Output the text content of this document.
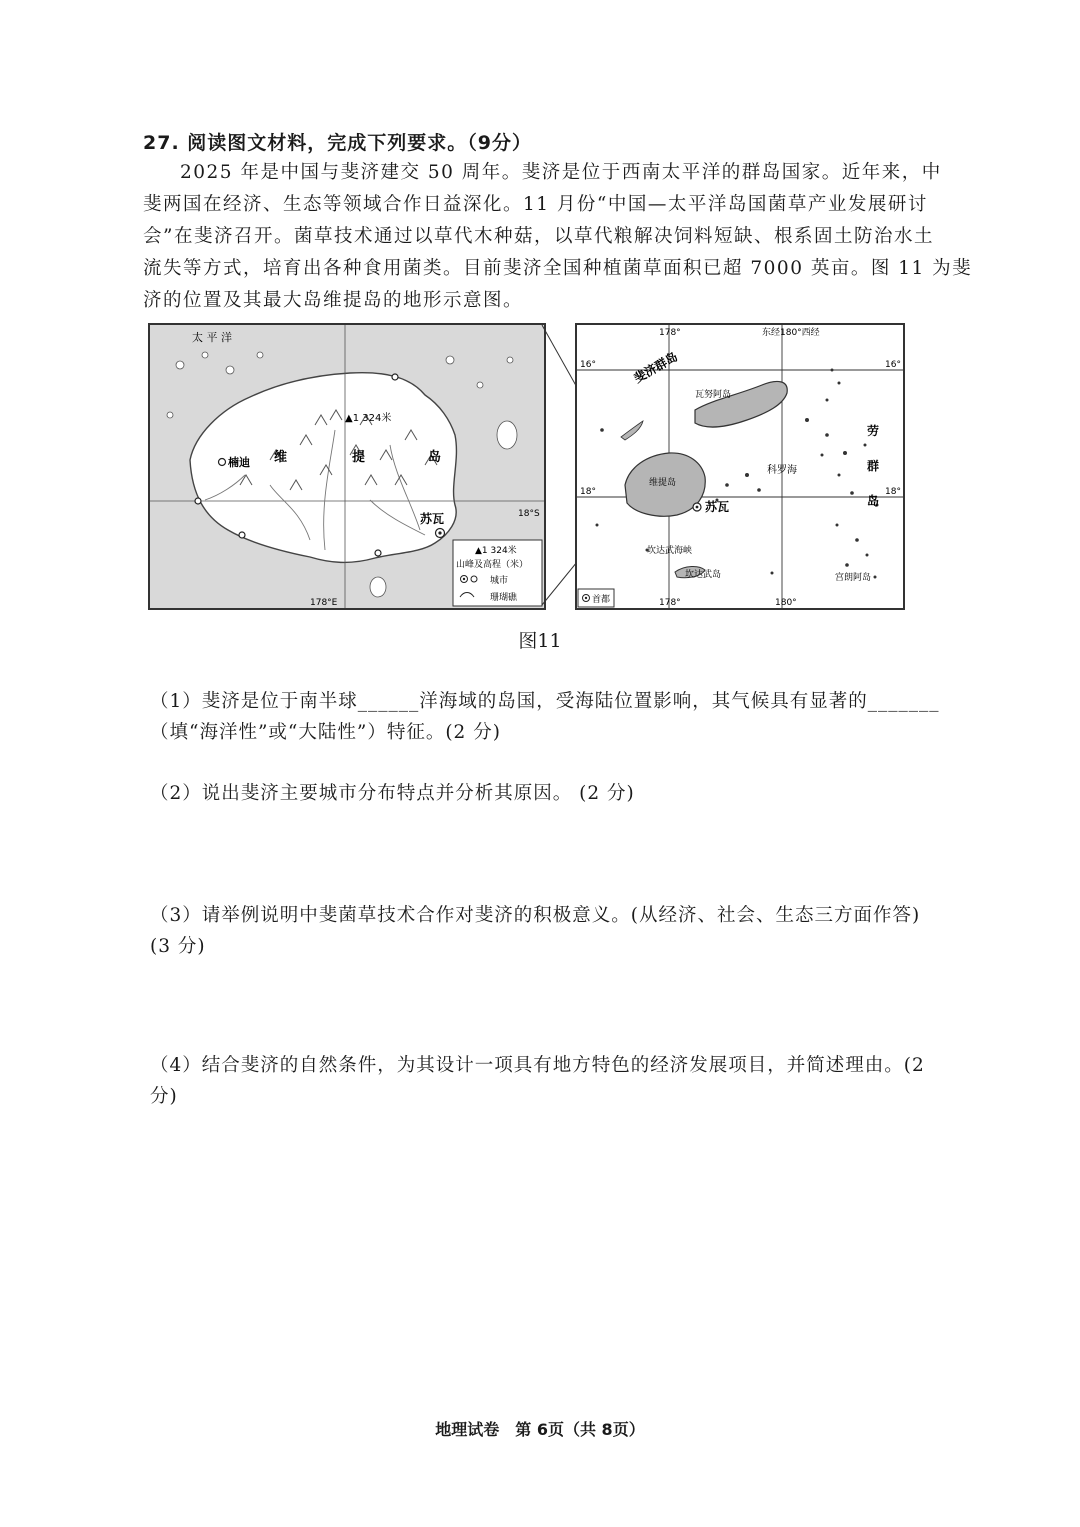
27. 阅读图文材料，完成下列要求。（9分）
2025 年是中国与斐济建交 50 周年。斐济是位于西南太平洋的群岛国家。近年来，中
斐两国在经济、生态等领域合作日益深化。11 月份“中国—太平洋岛国菌草产业发展研讨
会”在斐济召开。菌草技术通过以草代木种菇，以草代粮解决饲料短缺、根系固土防治水土
流失等方式，培育出各种食用菌类。目前斐济全国种植菌草面积已超 7000 英亩。图 11 为斐
济的位置及其最大岛维提岛的地形示意图。
太 平 洋
▲1 324米
维	提	岛
楠迪
苏瓦	18°S
178°E
▲1 324米
山峰及高程（米）
城市
珊瑚礁
178°	东经180°西经
16°	16°
18°	18°
178°	180°
斐济群岛
瓦努阿岛
维提岛
科罗海
苏瓦
劳
群
岛
坎达武海峡
坎达武岛	宫朗阿岛
首都
图11
（1）斐济是位于南半球______洋海域的岛国，受海陆位置影响，其气候具有显著的_______
（填“海洋性”或“大陆性”）特征。(2 分)
（2）说出斐济主要城市分布特点并分析其原因。 (2 分)
（3）请举例说明中斐菌草技术合作对斐济的积极意义。(从经济、社会、生态三方面作答)
(3 分)
（4）结合斐济的自然条件，为其设计一项具有地方特色的经济发展项目，并简述理由。(2
分)
地理试卷　第 6页（共 8页）
